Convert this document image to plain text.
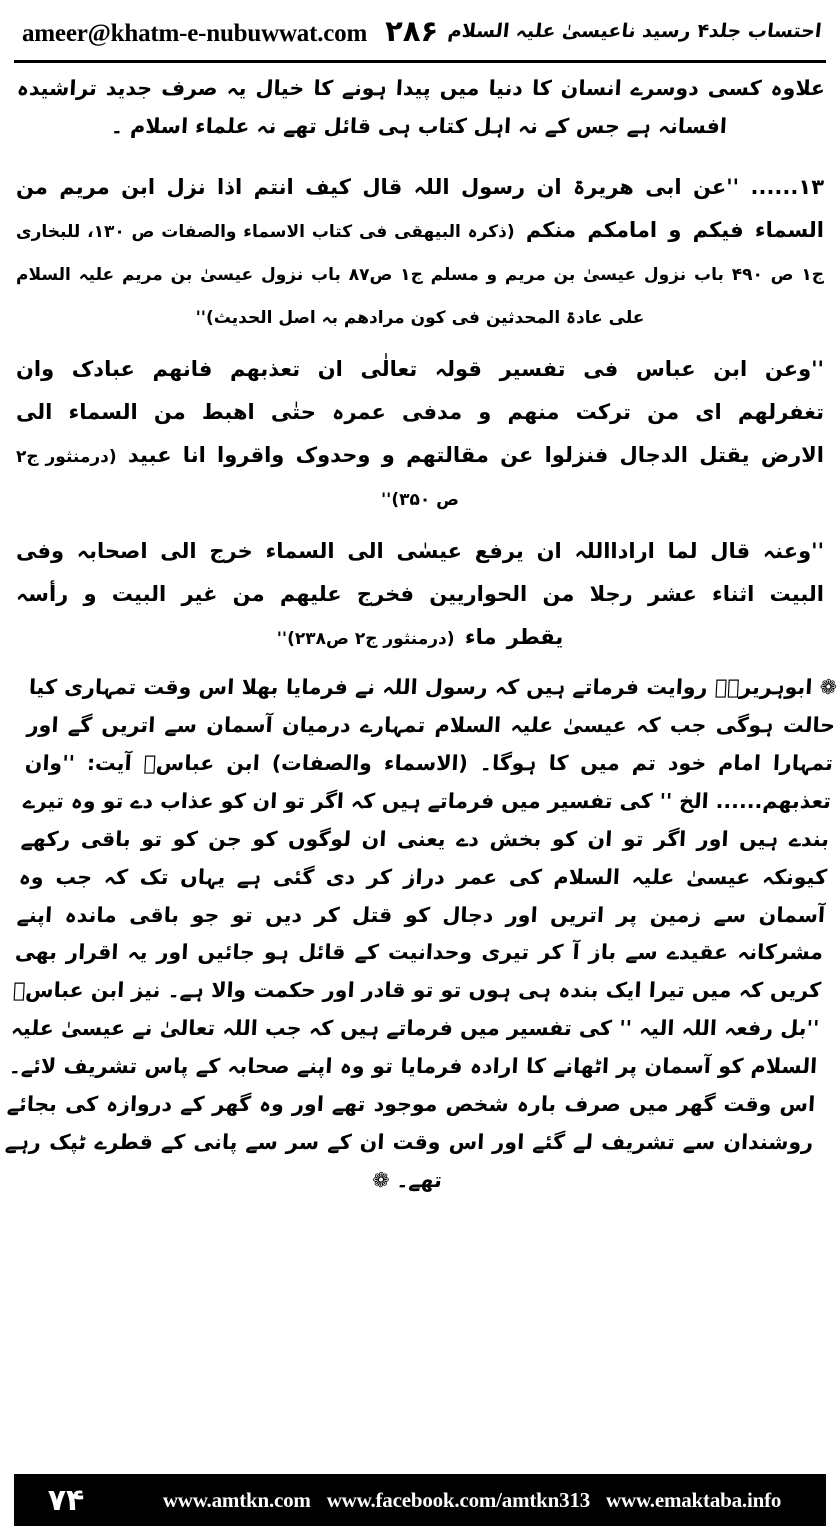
ameer@khatm-e-nubuwwat.com ۲۸۶ احتساب جلد۴ رسید ناعیسیٰ علیہ السلام

علاوہ کسی دوسرے انسان کا دنیا میں پیدا ہونے کا خیال یہ صرف جدید تراشیدہ افسانہ ہے جس کے نہ اہل کتاب ہی قائل تھے نہ علماء اسلام ۔

۱۳...... ''عن ابی ھریرۃ ان رسول اللہ قال کیف انتم اذا نزل ابن مریم من السماء فیکم و امامکم منکم (ذکرہ البیھقی فی کتاب الاسماء والصفات ص ۱۳۰، للبخاری ج۱ ص ۴۹۰ باب نزول عیسیٰ بن مریم و مسلم ج۱ ص۸۷ باب نزول عیسیٰ بن مریم علیہ السلام علی عادۃ المحدثین فی کون مرادھم بہ اصل الحدیث)''

''وعن ابن عباس فی تفسیر قولہ تعالٰی ان تعذبھم فانھم عبادک وان تغفرلھم ای من ترکت منھم و مدفی عمرہ حتٰی اھبط من السماء الی الارض یقتل الدجال فنزلوا عن مقالتھم و وحدوک واقروا انا عبید (درمنثور ج۲ ص ۳۵۰)''

''وعنہ قال لما ارادااللہ ان یرفع عیسٰی الی السماء خرج الی اصحابہ وفی البیت اثناء عشر رجلا من الحواریین فخرج علیھم من غیر البیت و رأسہ یقطر ماء (درمنثور ج۲ ص۲۳۸)''

❁ ابوہریرہؓ روایت فرماتے ہیں کہ رسول اللہ نے فرمایا بھلا اس وقت تمہاری کیا حالت ہوگی جب کہ عیسیٰ علیہ السلام تمہارے درمیان آسمان سے اتریں گے اور تمہارا امام خود تم میں کا ہوگا۔ (الاسماء والصفات) ابن عباسؓ آیت: ''وان تعذبھم...... الخ '' کی تفسیر میں فرماتے ہیں کہ اگر تو ان کو عذاب دے تو وہ تیرے بندے ہیں اور اگر تو ان کو بخش دے یعنی ان لوگوں کو جن کو تو باقی رکھے کیونکہ عیسیٰ علیہ السلام کی عمر دراز کر دی گئی ہے یہاں تک کہ جب وہ آسمان سے زمین پر اتریں اور دجال کو قتل کر دیں تو جو باقی ماندہ اپنے مشرکانہ عقیدے سے باز آ کر تیری وحدانیت کے قائل ہو جائیں اور یہ اقرار بھی کریں کہ میں تیرا ایک بندہ ہی ہوں تو تو قادر اور حکمت والا ہے۔ نیز ابن عباسؓ ''بل رفعہ اللہ الیہ '' کی تفسیر میں فرماتے ہیں کہ جب اللہ تعالیٰ نے عیسیٰ علیہ السلام کو آسمان پر اٹھانے کا ارادہ فرمایا تو وہ اپنے صحابہ کے پاس تشریف لائے۔ اس وقت گھر میں صرف بارہ شخص موجود تھے اور وہ گھر کے دروازہ کی بجائے روشندان سے تشریف لے گئے اور اس وقت ان کے سر سے پانی کے قطرے ٹپک رہے تھے۔ ❁

۷۴	www.amtkn.com www.facebook.com/amtkn313 www.emaktaba.info
